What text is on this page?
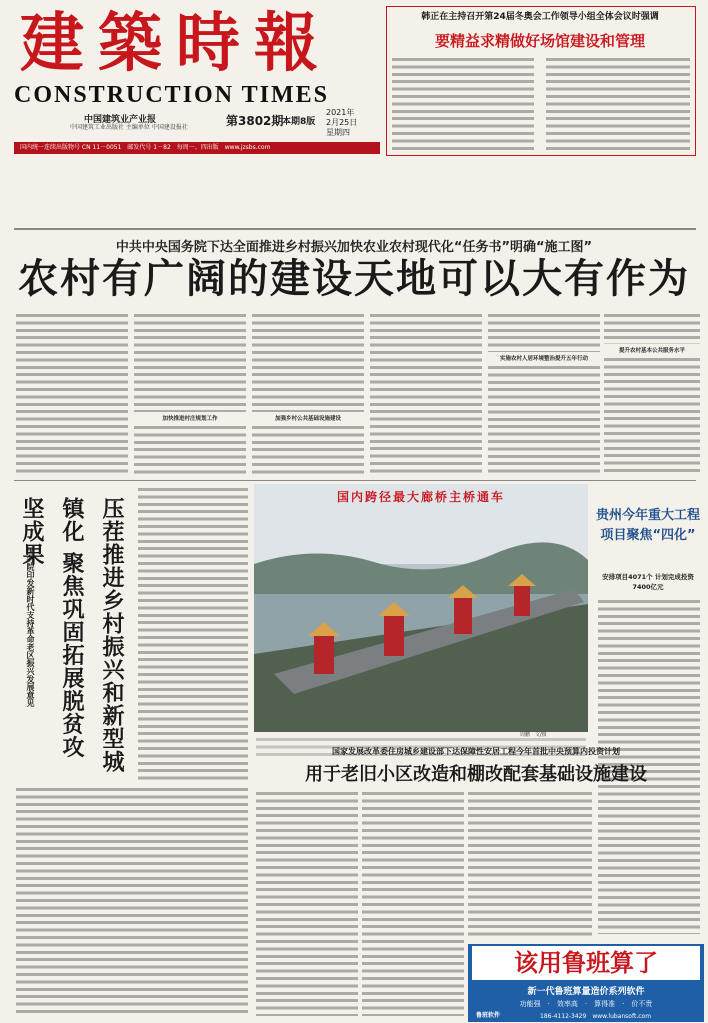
建築時報
CONSTRUCTION TIMES
中国建筑业产业报
中国建筑工业出版社 主编单位 中国建设报社	第3802期
本期8版
2021年
2月25日
星期四
国内统一连续出版物号 CN 11－0051　邮发代号 1－82　每周一、四出版　www.jzsbs.com
韩正在主持召开第24届冬奥会工作领导小组全体会议时强调
要精益求精做好场馆建设和管理
中共中央国务院下达全面推进乡村振兴加快农业农村现代化“任务书”明确“施工图”
农村有广阔的建设天地可以大有作为
加快推进村庄规划工作	加强乡村公共基础设施建设
实施农村人居环境整治提升五年行动
提升农村基本公共服务水平
压茬推进乡村振兴和新型城镇化 聚焦巩固拓展脱贫攻坚成果
国务院印发新时代支持革命老区振兴发展意见
国内跨径最大廊桥主桥通车
周鹏　文/摄
贵州今年重大工程项目聚焦“四化”
安排项目4071个 计划完成投资7400亿元
国家发展改革委住房城乡建设部下达保障性安居工程今年首批中央预算内投资计划
用于老旧小区改造和棚改配套基础设施建设
该用鲁班算了
新一代鲁班算量造价系列软件
功能强　·　效率高　·　算得准　·　价不贵
鲁班软件	186-4112-3429　www.lubansoft.com
